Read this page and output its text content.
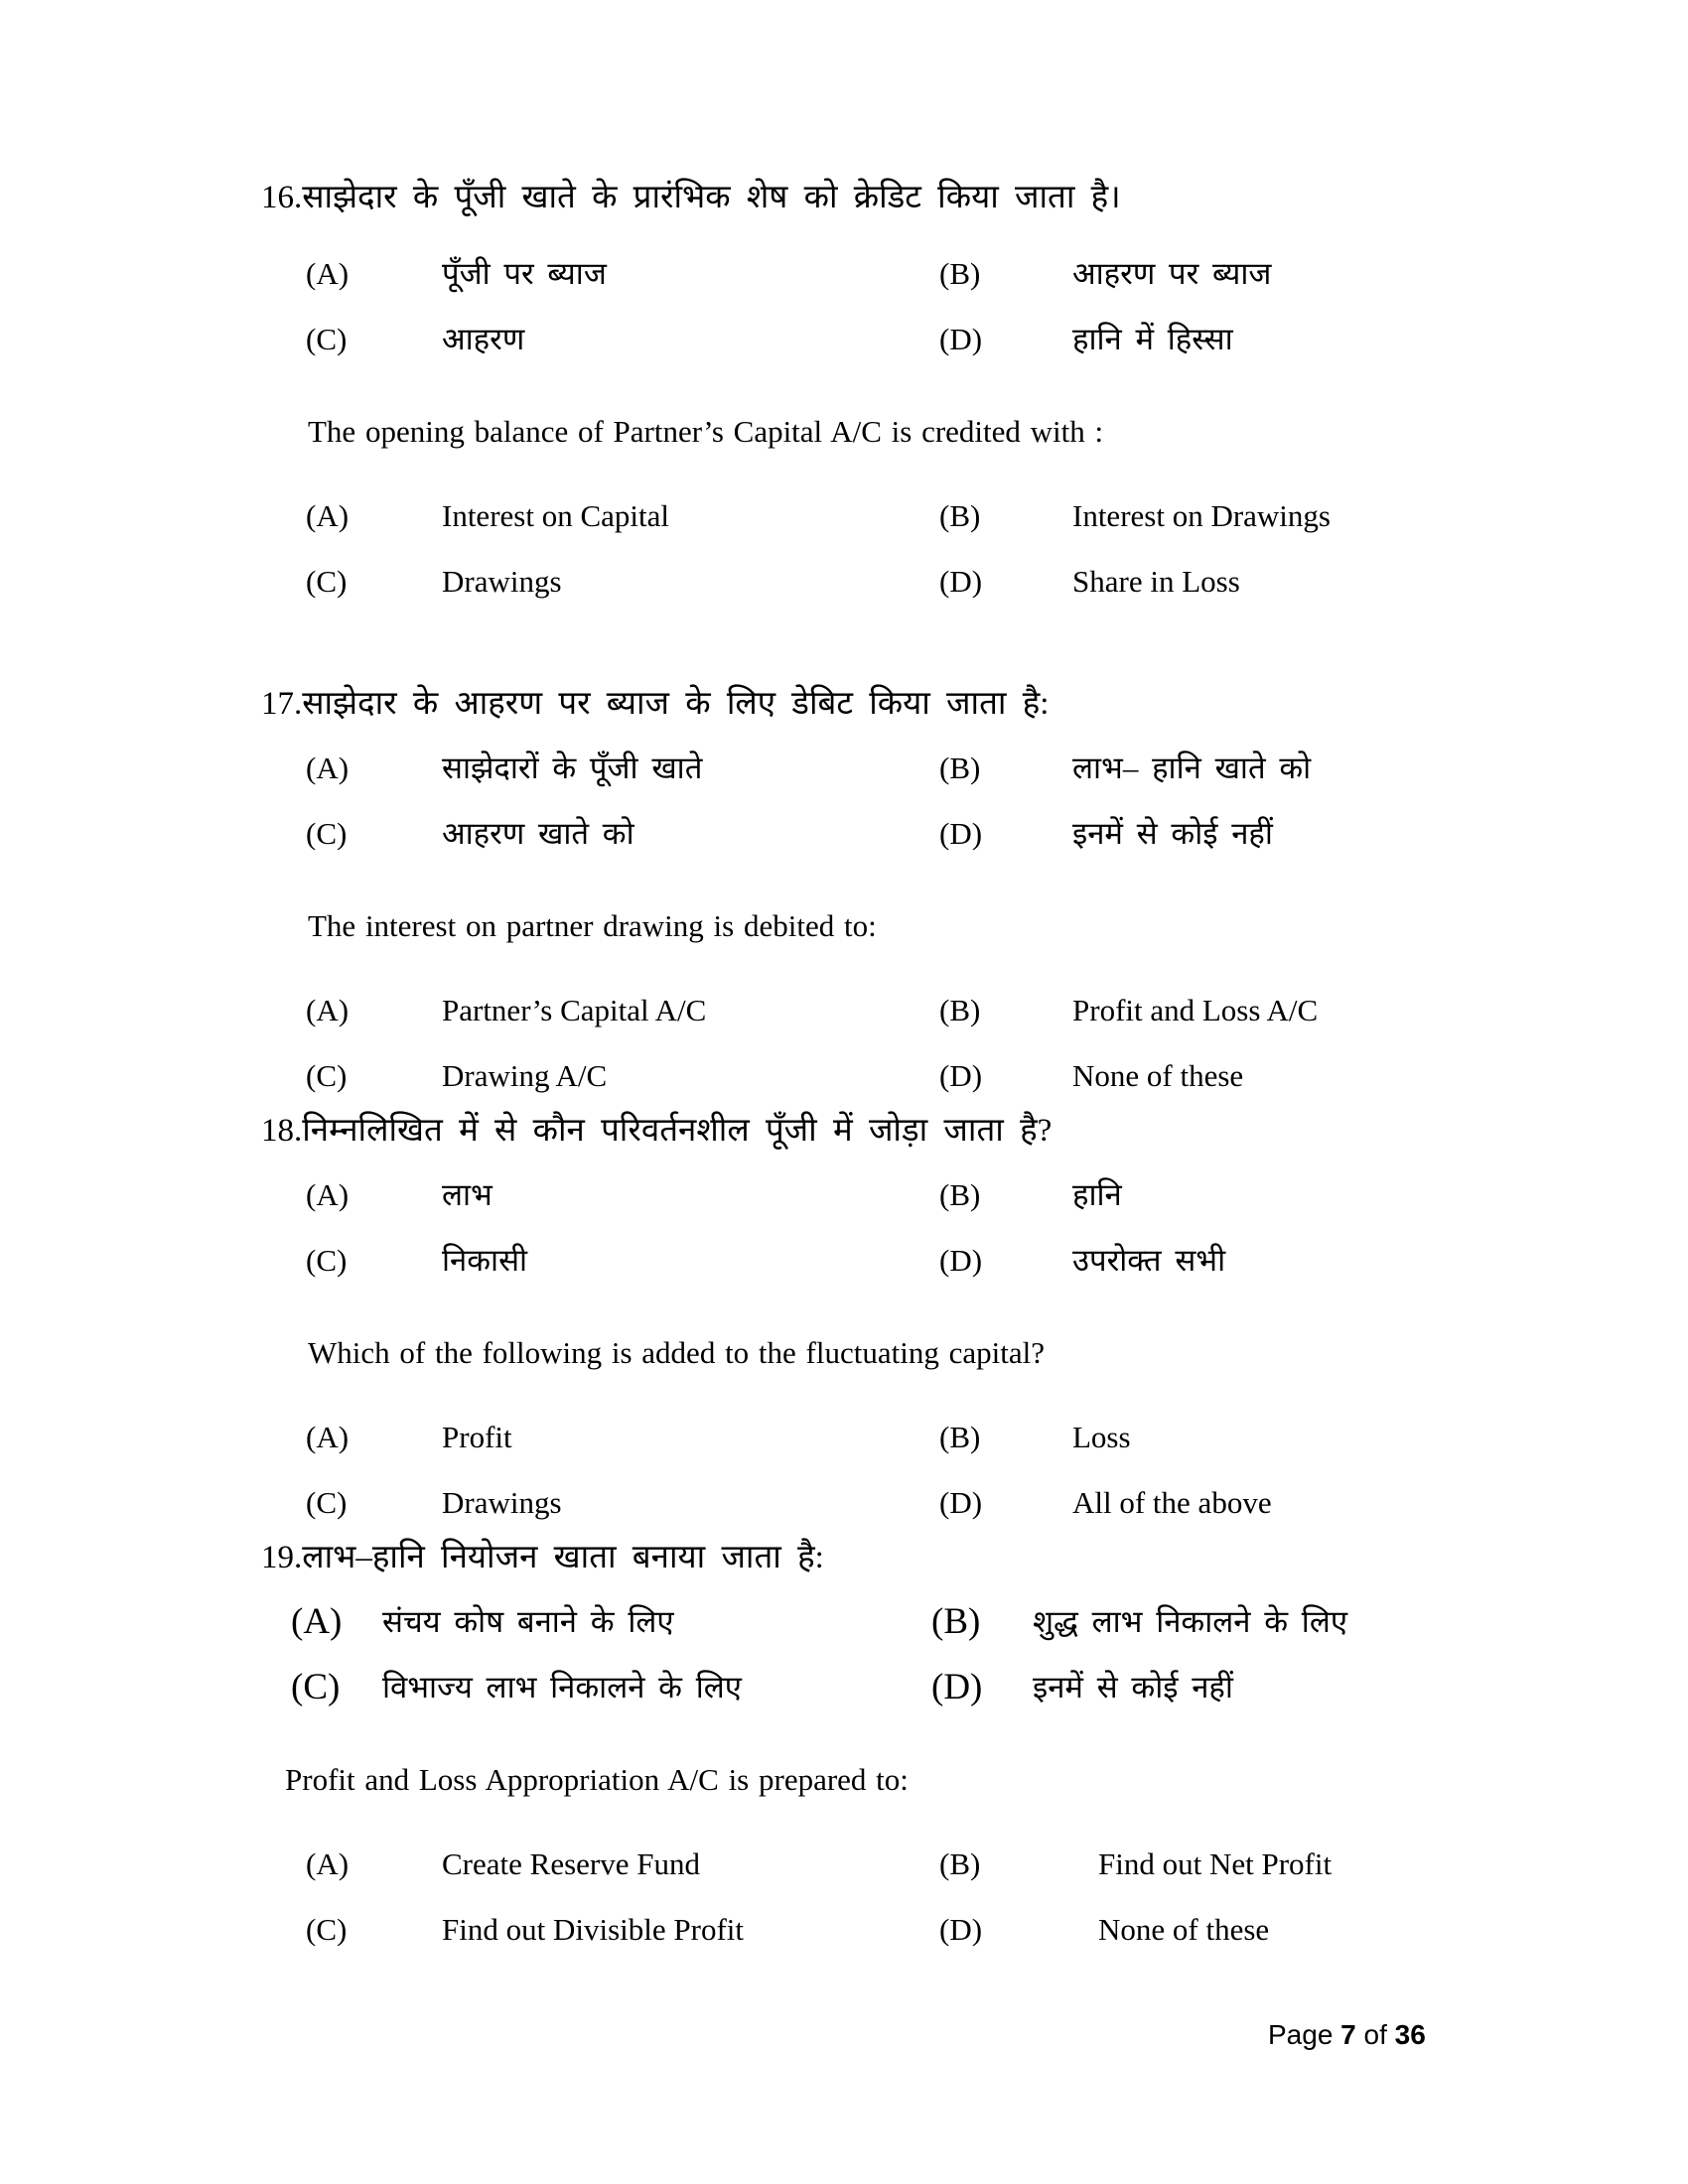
16.साझेदार के पूँजी खाते के प्रारंभिक शेष को क्रेडिट किया जाता है।

(A)	पूँजी पर ब्याज	(B)	आहरण पर ब्याज
(C)	आहरण	(D)	हानि में हिस्सा

The opening balance of Partner’s Capital A/C is credited with :

(A)	Interest on Capital	(B)	Interest on Drawings
(C)	Drawings	(D)	Share in Loss

17.साझेदार के आहरण पर ब्याज के लिए डेबिट किया जाता है:

(A)	साझेदारों के पूँजी खाते	(B)	लाभ– हानि खाते को
(C)	आहरण खाते को	(D)	इनमें से कोई नहीं

The interest on partner drawing is debited to:

(A)	Partner’s Capital A/C	(B)	Profit and Loss A/C
(C)	Drawing A/C	(D)	None of these

18.निम्नलिखित में से कौन परिवर्तनशील पूँजी में जोड़ा जाता है?

(A)	लाभ	(B)	हानि
(C)	निकासी	(D)	उपरोक्त सभी

Which of the following is added to the fluctuating capital?

(A)	Profit	(B)	Loss
(C)	Drawings	(D)	All of the above

19.लाभ–हानि नियोजन खाता बनाया जाता है:

(A)	संचय कोष बनाने के लिए	(B)	शुद्ध लाभ निकालने के लिए
(C)	विभाज्य लाभ निकालने के लिए	(D)	इनमें से कोई नहीं

Profit and Loss Appropriation A/C is prepared to:

(A)	Create Reserve Fund	(B)	Find out Net Profit
(C)	Find out Divisible Profit	(D)	None of these
Page 7 of 36
